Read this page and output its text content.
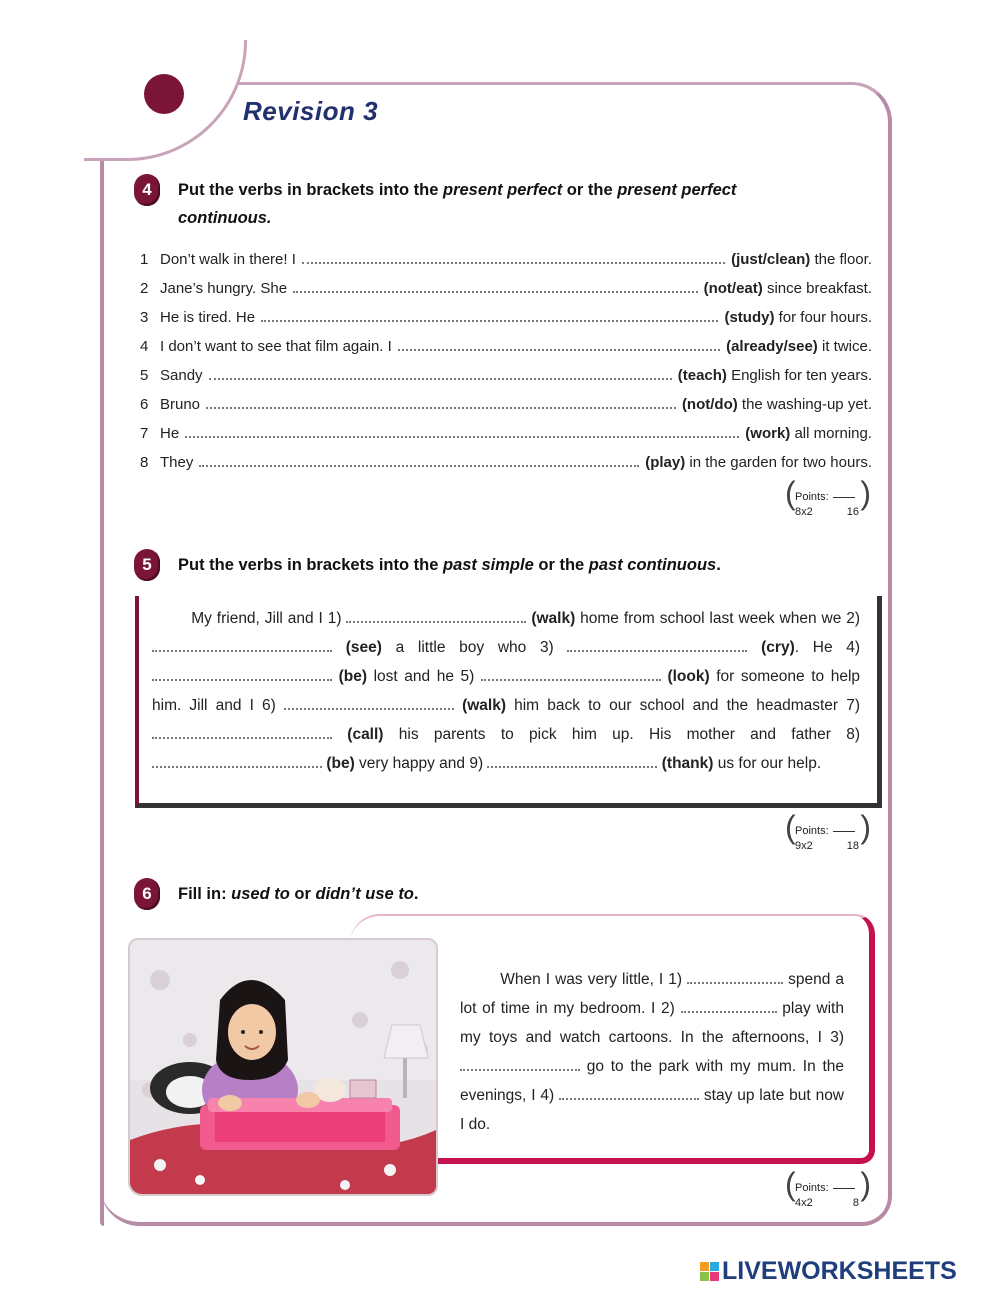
Revision 3
4	Put the verbs in brackets into the present perfect or the present perfect
continuous.
1 Don’t walk in there! I	(just/clean) the floor.
2 Jane’s hungry. She	(not/eat) since breakfast.
3 He is tired. He	(study) for four hours.
4 I don’t want to see that film again. I	(already/see) it twice.
5 Sandy	(teach) English for ten years.
6 Bruno	(not/do) the washing-up yet.
7 He	(work) all morning.
8 They	(play) in the garden for two hours.
( Points:
8x2	16
)
5	Put the verbs in brackets into the past simple or the past continuous.
My friend, Jill and I 1)	(walk) home from school last week when we 2)  (see) a little boy who 3)	(cry). He 4)  (be) lost and he 5)	(look) for someone to help him. Jill and I 6)	(walk) him back to our school and the headmaster 7)  (call) his parents to pick him up. His mother and father 8)  (be) very happy and 9)	(thank) us for our help.
( Points:
9x2	18
)
6	Fill in: used to or didn’t use to.
When I was very little, I 1)	spend a lot of time in my bedroom. I 2)	play with my toys and watch cartoons. In the afternoons, I 3)  go to the park with my mum. In the evenings, I 4)	stay up late but now I do.
( Points:
4x2	8
)
LIVEWORKSHEETS
